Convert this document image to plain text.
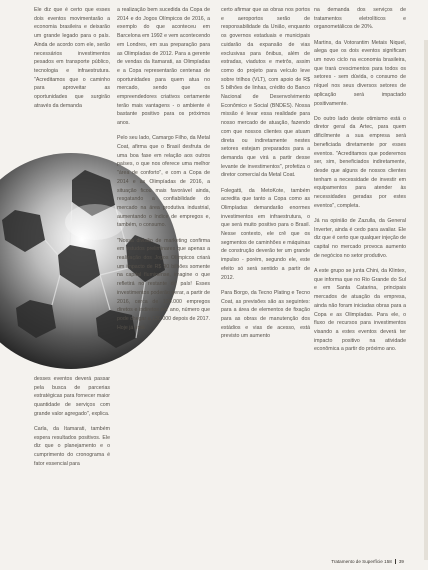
Ele diz que é certo que esses dois eventos movimentarão a economia brasileira e deixarão um grande legado para o país. Ainda de acordo com ele, serão necessários investimentos pesados em transporte público, tecnologia e infraestrutura. "Acreditamos que o caminho para aproveitar as oportunidades que surgirão através da demanda

desses eventos deverá passar pela busca de parcerias estratégicas para fornecer maior quantidade de serviços com grande valor agregado", explica.

Carla, da Itamarati, também espera resultados positivos. Ele diz que o planejamento e o cumprimento do cronograma é fator essencial para

a realização bem sucedida da Copa de 2014 e do Jogos Olímpicos de 2016, a exemplo do que aconteceu em Barcelona em 1992 e vem acontecendo em Londres, em sua preparação para as Olimpíadas de 2012. Para a gerente de vendas da Itamarati, as Olimpíadas e a Copa representarão centenas de oportunidades para quem atua no mercado, sendo que os empreendedores criativos certamente terão mais vantagens - o ambiente é bastante positivo para os próximos anos.

Pelo seu lado, Camargo Filho, da Metal Coat, afirma que o Brasil desfruta de uma boa fase em relação aos outros países, o que nos oferece uma melhor "área de conforto", e com a Copa de 2014 e as Olimpíadas de 2016, a situação ficou mais favorável ainda, resgatando a confiabilidade do mercado na área produtiva industrial, aumentando o índice de empregos e, também, o consumo.

"Nossa divisão de marketing confirma em estudos preliminares que apenas a realização dos Jogos Olímpicos criará um impacto de R$ 90 bilhões somente na capital fluminense, imagine o que refletirá no restante do país! Esses investimentos poderão gerar, a partir de 2016, cerca de 120.000 empregos diretos e indiretos por ano, número que pode chegar a 130.000 depois de 2017. Hoje já está

certo afirmar que as obras nos portos e aeroportos serão de responsabilidade da União, enquanto os governos estaduais e municipais cuidarão da expansão de vias exclusivas para ônibus, além de estradas, viadutos e metrôs, assim como do projeto para veículo leve sobre trilhos (VLT), com apoio de R$ 5 bilhões de linhas, crédito do Banco Nacional de Desenvolvimento Econômico e Social (BNDES). Nossa missão é levar essa realidade para nosso mercado de atuação, fazendo com que nossos clientes que atuam direta ou indiretamente nestes setores estejam preparados para a demanda que virá a partir desse levante de investimentos", profetiza o diretor comercial da Metal Coat.

Folegatti, da MetoKote, também acredita que tanto a Copa como as Olimpíadas demandarão enormes investimentos em infraestrutura, o que será muito positivo para o Brasil. Nesse contexto, ele crê que os segmentos de caminhões e máquinas de construção deverão ter um grande impulso - porém, segundo ele, este efeito só será sentido a partir de 2012.

Para Borgo, da Tecno Plating e Tecno Coat, as previsões são as seguintes: para a área de elementos de fixação para as obras de manutenção dos estádios e vias de acesso, está previsto um aumento

na demanda dos serviços de tratamentos eletrolíticos e organometálicos de 20%.

Martins, da Votorantim Metais Niquel, alega que os dois eventos significam um novo ciclo na economia brasileira, que trará crescimentos para todos os setores - sem dúvida, o consumo de níquel nos seus diversos setores de aplicação será impactado positivamente.

Do outro lado deste otimismo está o diretor geral da Artec, para quem dificilmente a sua empresa será beneficiada diretamente por esses eventos. "Acreditamos que poderemos ser, sim, beneficiados indiretamente, desde que alguns de nossos clientes tenham a necessidade de investir em equipamentos para atender às necessidades geradas por estes eventos", completa.

Já na opinião de Zazulla, da General Inverter, ainda é cedo para avaliar. Ele diz que é certo que qualquer injeção de capital no mercado provoca aumento de negócios no setor produtivo.

A este grupo se junta Chini, da Klintex, que informa que no Rio Grande do Sul e em Santa Catarina, principais mercados de atuação da empresa, ainda não foram iniciadas obras para a Copa e as Olimpíadas. Para ele, o fluxo de recursos para investimentos visando a estes eventos deverá ter impacto positivo na atividade econômica a partir do próximo ano.

Tratamento de Superfície 158 39
